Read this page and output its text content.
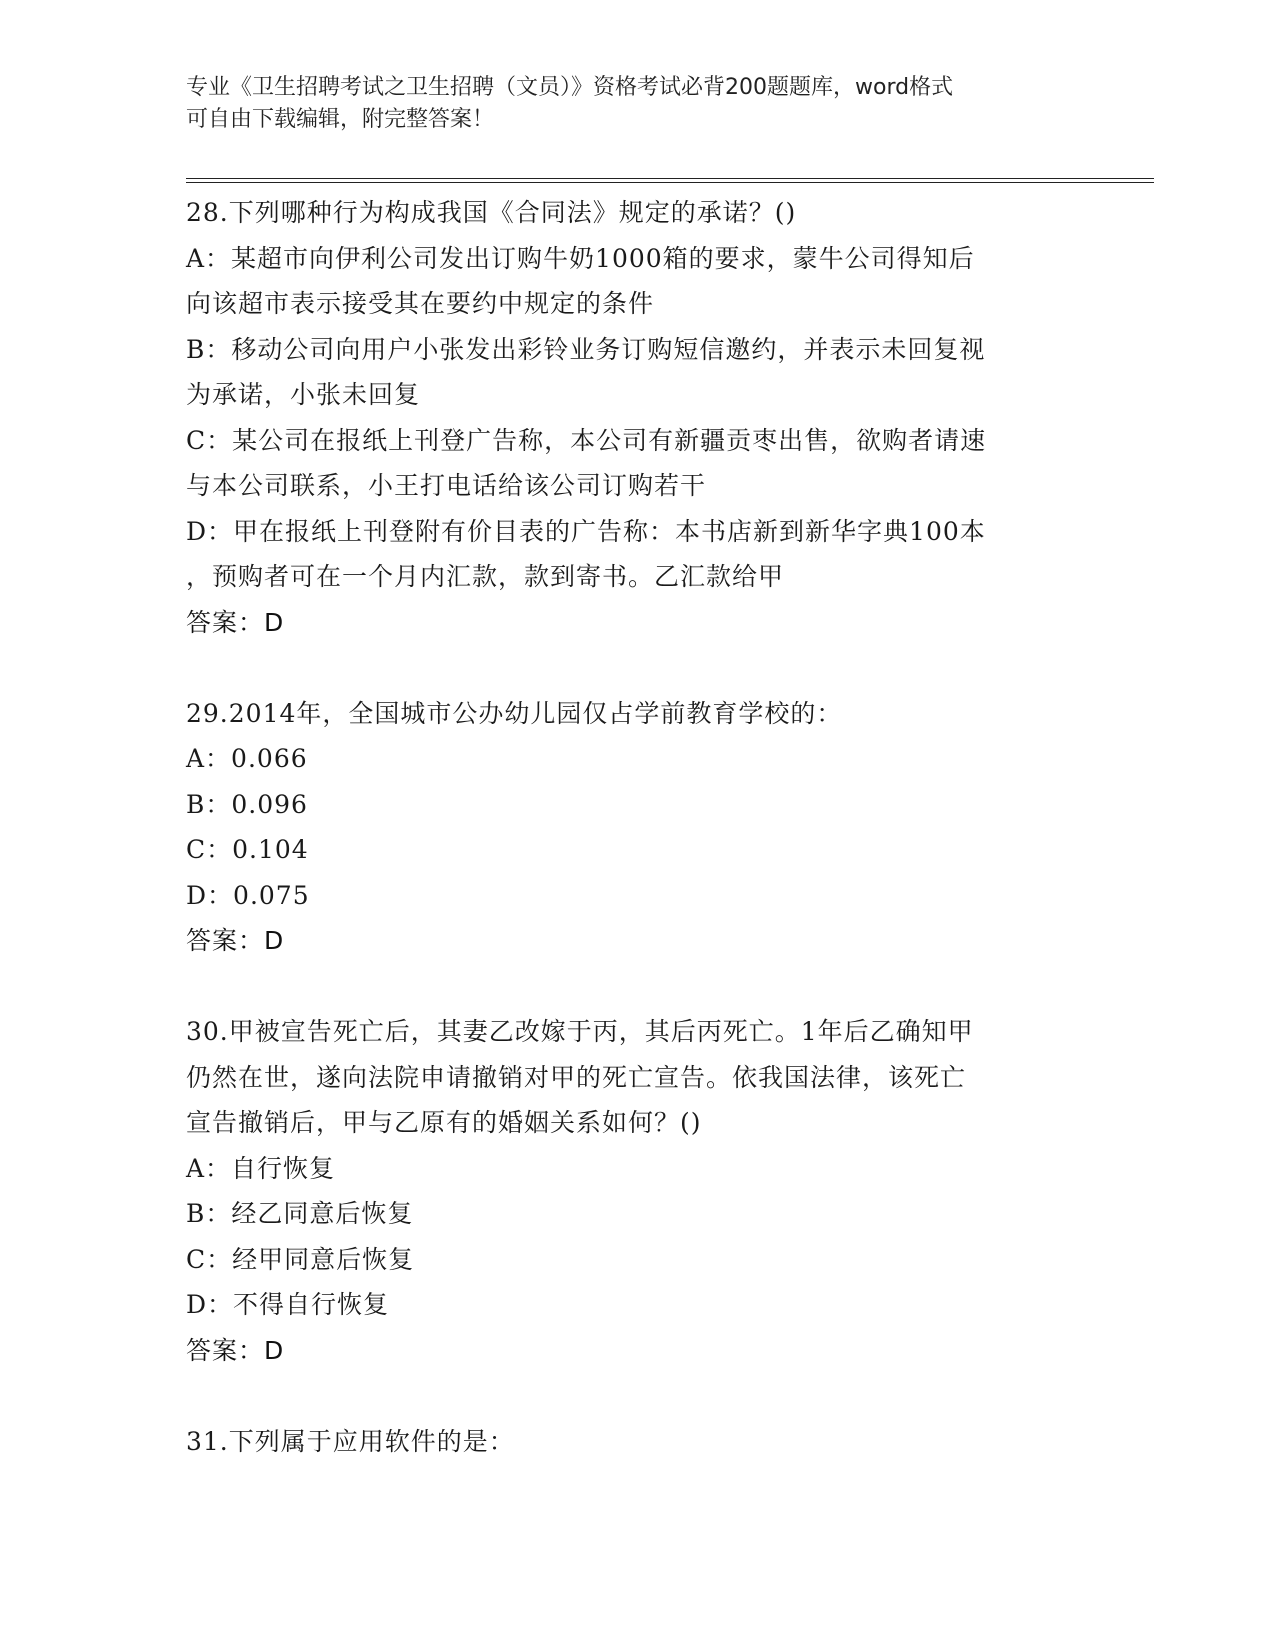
专业《卫生招聘考试之卫生招聘（文员）》资格考试必背200题题库，word格式
可自由下载编辑，附完整答案！
28.下列哪种行为构成我国《合同法》规定的承诺？()
A：某超市向伊利公司发出订购牛奶1000箱的要求，蒙牛公司得知后
向该超市表示接受其在要约中规定的条件
B：移动公司向用户小张发出彩铃业务订购短信邀约，并表示未回复视
为承诺，小张未回复
C：某公司在报纸上刊登广告称，本公司有新疆贡枣出售，欲购者请速
与本公司联系，小王打电话给该公司订购若干
D：甲在报纸上刊登附有价目表的广告称：本书店新到新华字典100本
，预购者可在一个月内汇款，款到寄书。乙汇款给甲
答案：D
29.2014年，全国城市公办幼儿园仅占学前教育学校的：
A：0.066
B：0.096
C：0.104
D：0.075
答案：D
30.甲被宣告死亡后，其妻乙改嫁于丙，其后丙死亡。1年后乙确知甲
仍然在世，遂向法院申请撤销对甲的死亡宣告。依我国法律，该死亡
宣告撤销后，甲与乙原有的婚姻关系如何？()
A：自行恢复
B：经乙同意后恢复
C：经甲同意后恢复
D：不得自行恢复
答案：D
31.下列属于应用软件的是：
